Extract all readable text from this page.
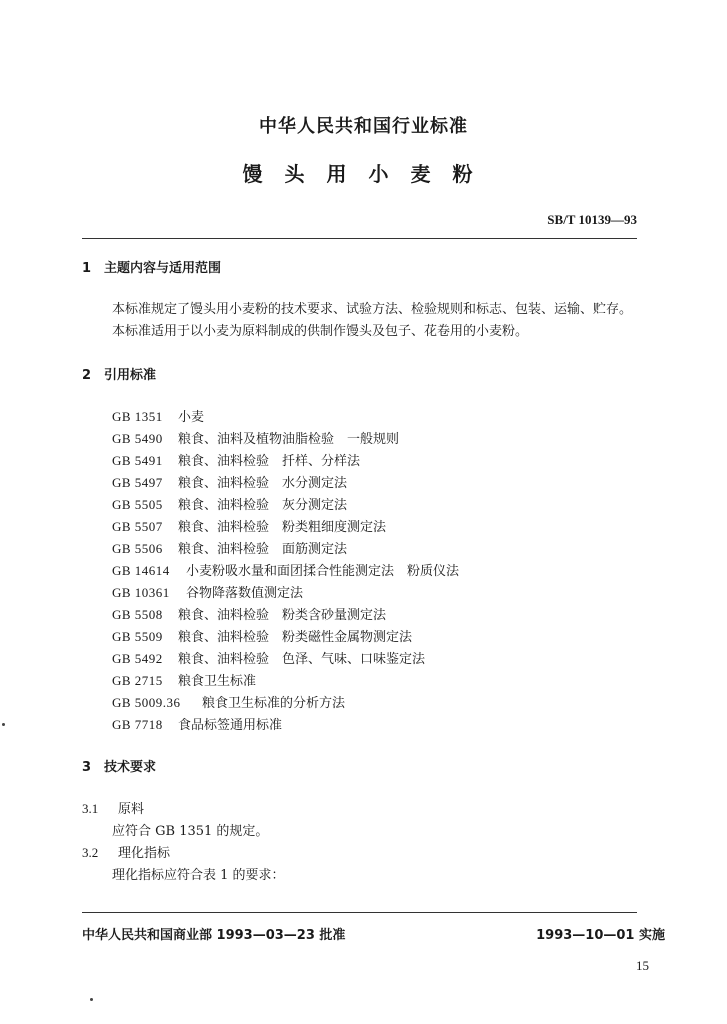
中华人民共和国行业标准
馒头用小麦粉
SB/T 10139—93
1 主题内容与适用范围
本标准规定了馒头用小麦粉的技术要求、试验方法、检验规则和标志、包装、运输、贮存。
本标准适用于以小麦为原料制成的供制作馒头及包子、花卷用的小麦粉。
2 引用标准
GB 1351 小麦
GB 5490 粮食、油料及植物油脂检验　一般规则
GB 5491 粮食、油料检验　扦样、分样法
GB 5497 粮食、油料检验　水分测定法
GB 5505 粮食、油料检验　灰分测定法
GB 5507 粮食、油料检验　粉类粗细度测定法
GB 5506 粮食、油料检验　面筋测定法
GB 14614 小麦粉吸水量和面团揉合性能测定法　粉质仪法
GB 10361 谷物降落数值测定法
GB 5508 粮食、油料检验　粉类含砂量测定法
GB 5509 粮食、油料检验　粉类磁性金属物测定法
GB 5492 粮食、油料检验　色泽、气味、口味鉴定法
GB 2715 粮食卫生标准
GB 5009.36 粮食卫生标准的分析方法
GB 7718 食品标签通用标准
3 技术要求
3.1 原料
应符合 GB 1351 的规定。
3.2 理化指标
理化指标应符合表 1 的要求：
中华人民共和国商业部 1993—03—23 批准	1993—10—01 实施
15
